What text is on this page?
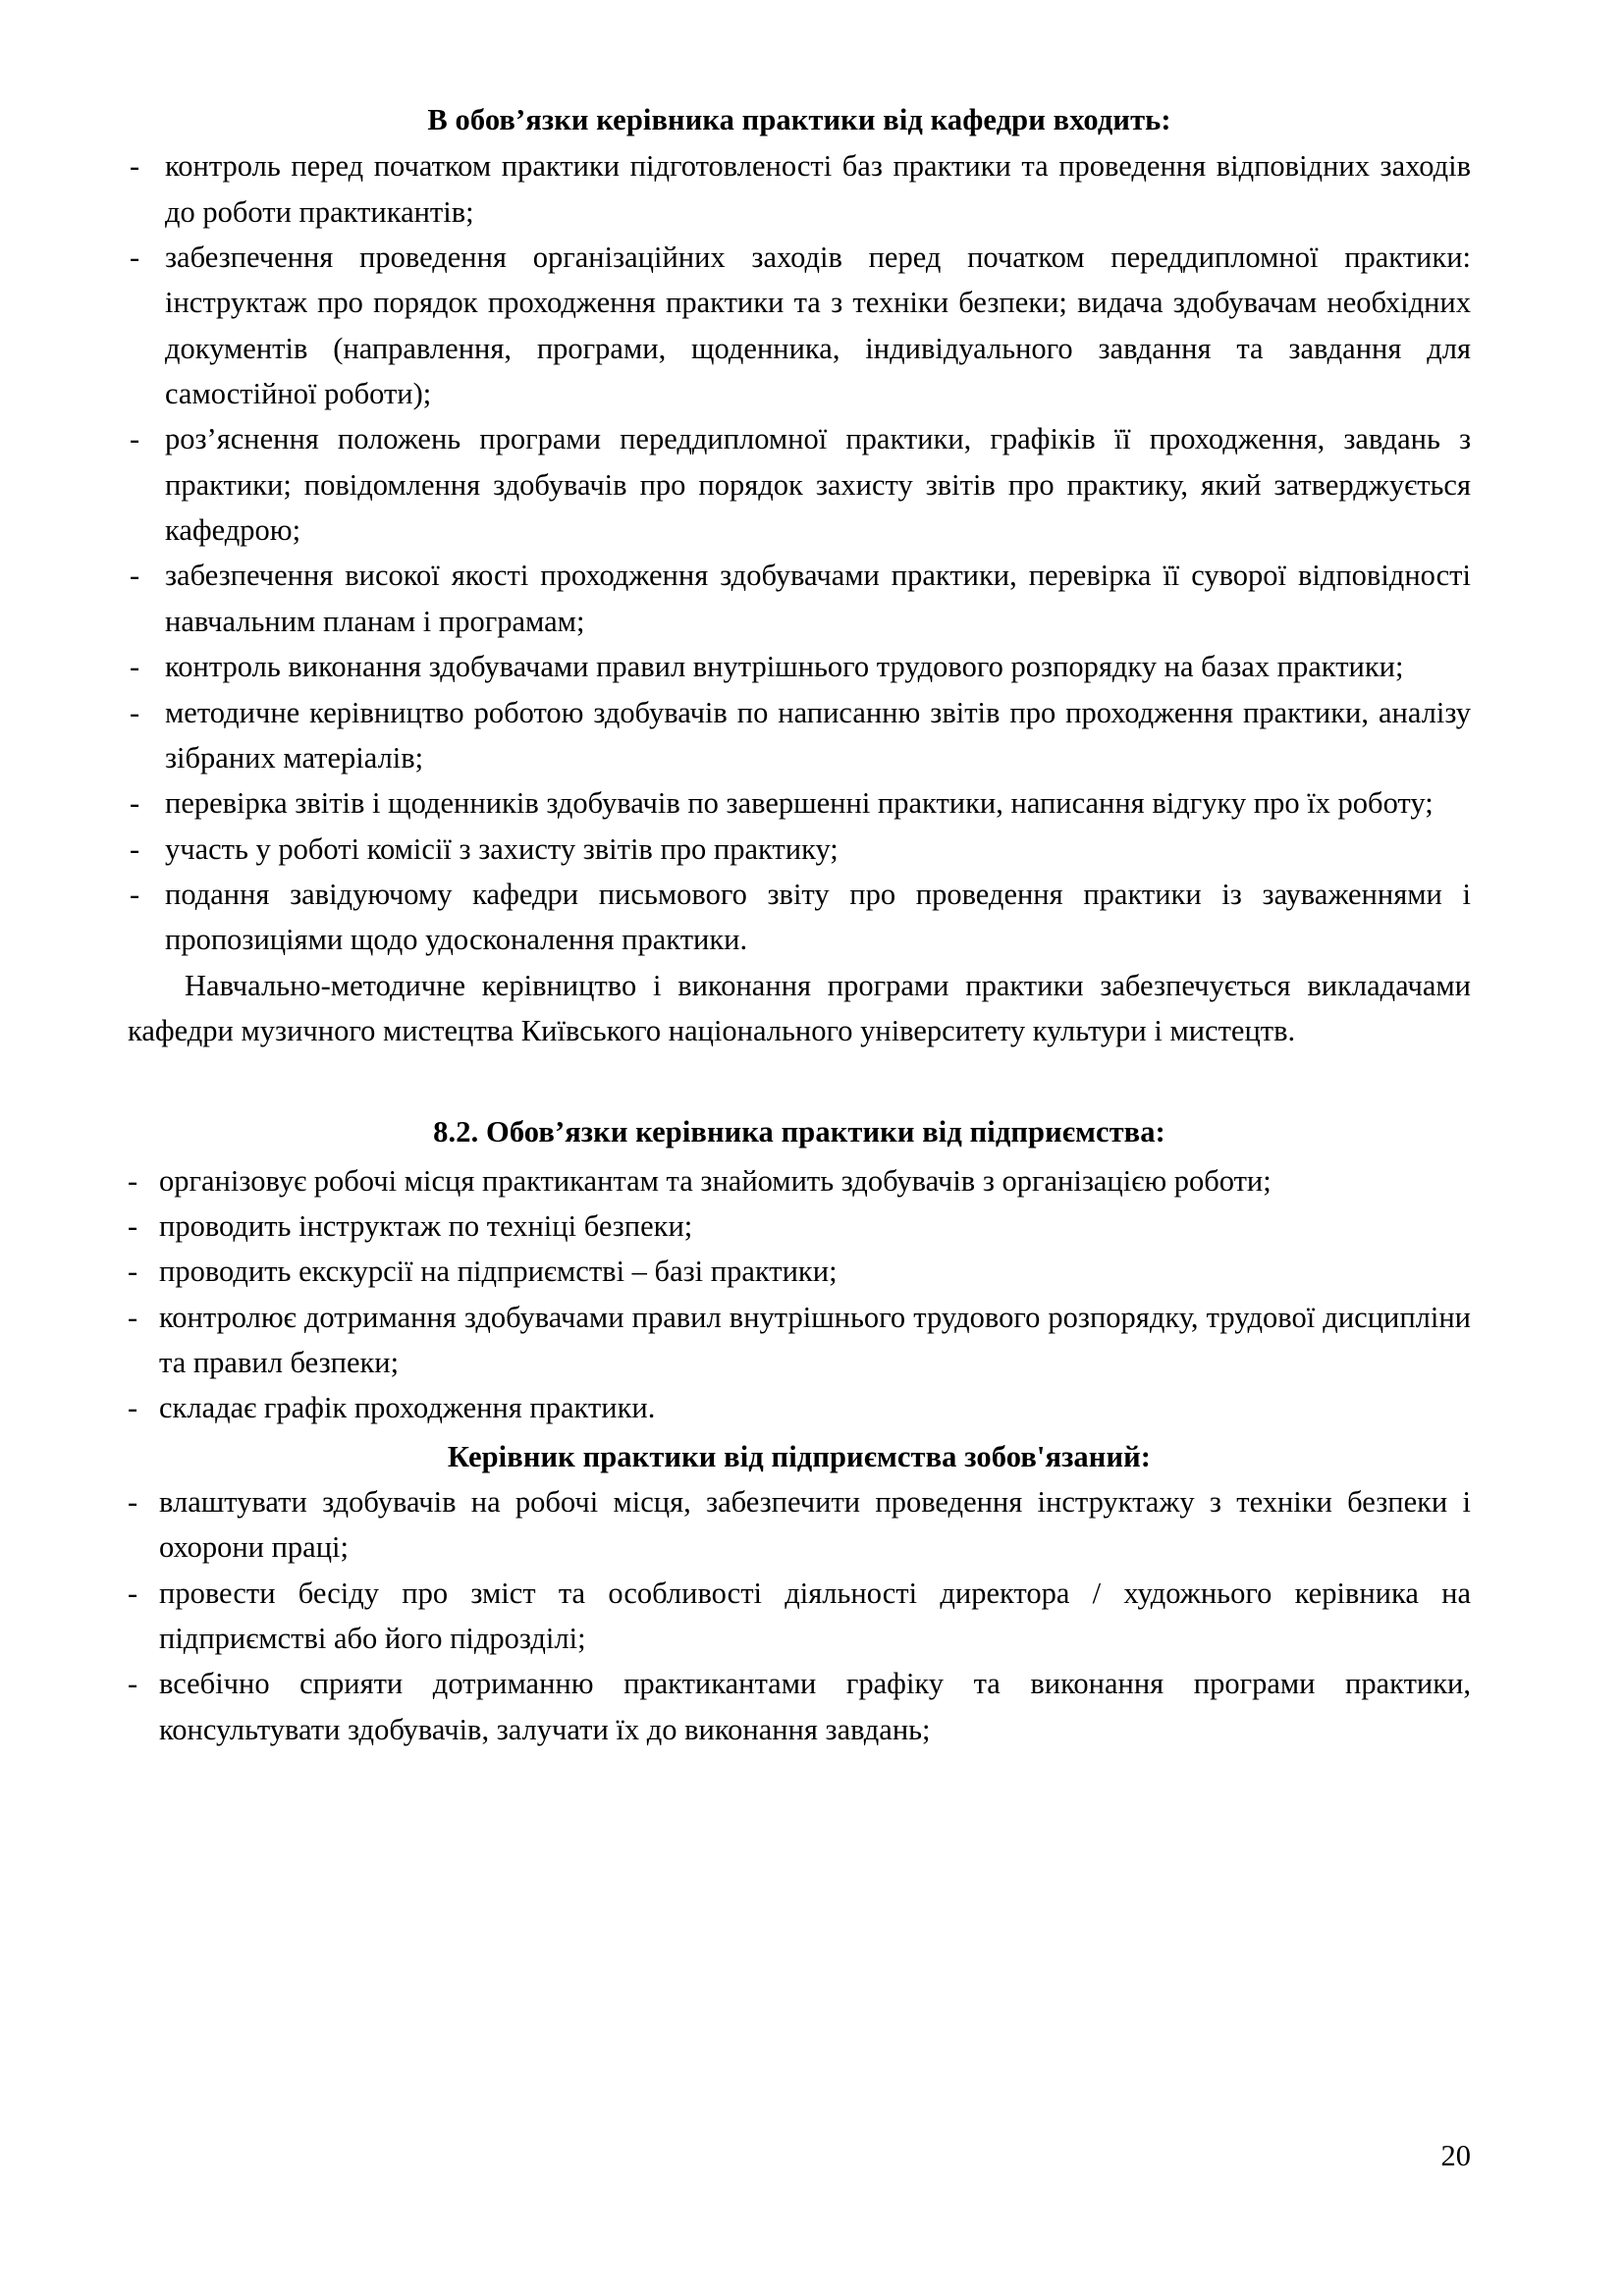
В обов’язки керівника практики від кафедри входить:
- контроль перед початком практики підготовленості баз практики та проведення відповідних заходів до роботи практикантів;
- забезпечення проведення організаційних заходів перед початком переддипломної практики: інструктаж про порядок проходження практики та з техніки безпеки; видача здобувачам необхідних документів (направлення, програми, щоденника, індивідуального завдання та завдання для самостійної роботи);
- роз’яснення положень програми переддипломної практики, графіків її проходження, завдань з практики; повідомлення здобувачів про порядок захисту звітів про практику, який затверджується кафедрою;
- забезпечення високої якості проходження здобувачами практики, перевірка її суворої відповідності навчальним планам і програмам;
- контроль виконання здобувачами правил внутрішнього трудового розпорядку на базах практики;
- методичне керівництво роботою здобувачів по написанню звітів про проходження практики, аналізу зібраних матеріалів;
- перевірка звітів і щоденників здобувачів по завершенні практики, написання відгуку про їх роботу;
- участь у роботі комісії з захисту звітів про практику;
- подання завідуючому кафедри письмового звіту про проведення практики із зауваженнями і пропозиціями щодо удосконалення практики.

Навчально-методичне керівництво і виконання програми практики забезпечується викладачами кафедри музичного мистецтва Київського національного університету культури і мистецтв.

8.2. Обов’язки керівника практики від підприємства:
- організовує робочі місця практикантам та знайомить здобувачів з організацією роботи;
- проводить інструктаж по техніці безпеки;
- проводить екскурсії на підприємстві – базі практики;
- контролює дотримання здобувачами правил внутрішнього трудового розпорядку, трудової дисципліни та правил безпеки;
- складає графік проходження практики.
Керівник практики від підприємства зобов'язаний:
- влаштувати здобувачів на робочі місця, забезпечити проведення інструктажу з техніки безпеки і охорони праці;
- провести бесіду про зміст та особливості діяльності директора / художнього керівника на підприємстві або його підрозділі;
- всебічно сприяти дотриманню практикантами графіку та виконання програми практики, консультувати здобувачів, залучати їх до виконання завдань;
20
